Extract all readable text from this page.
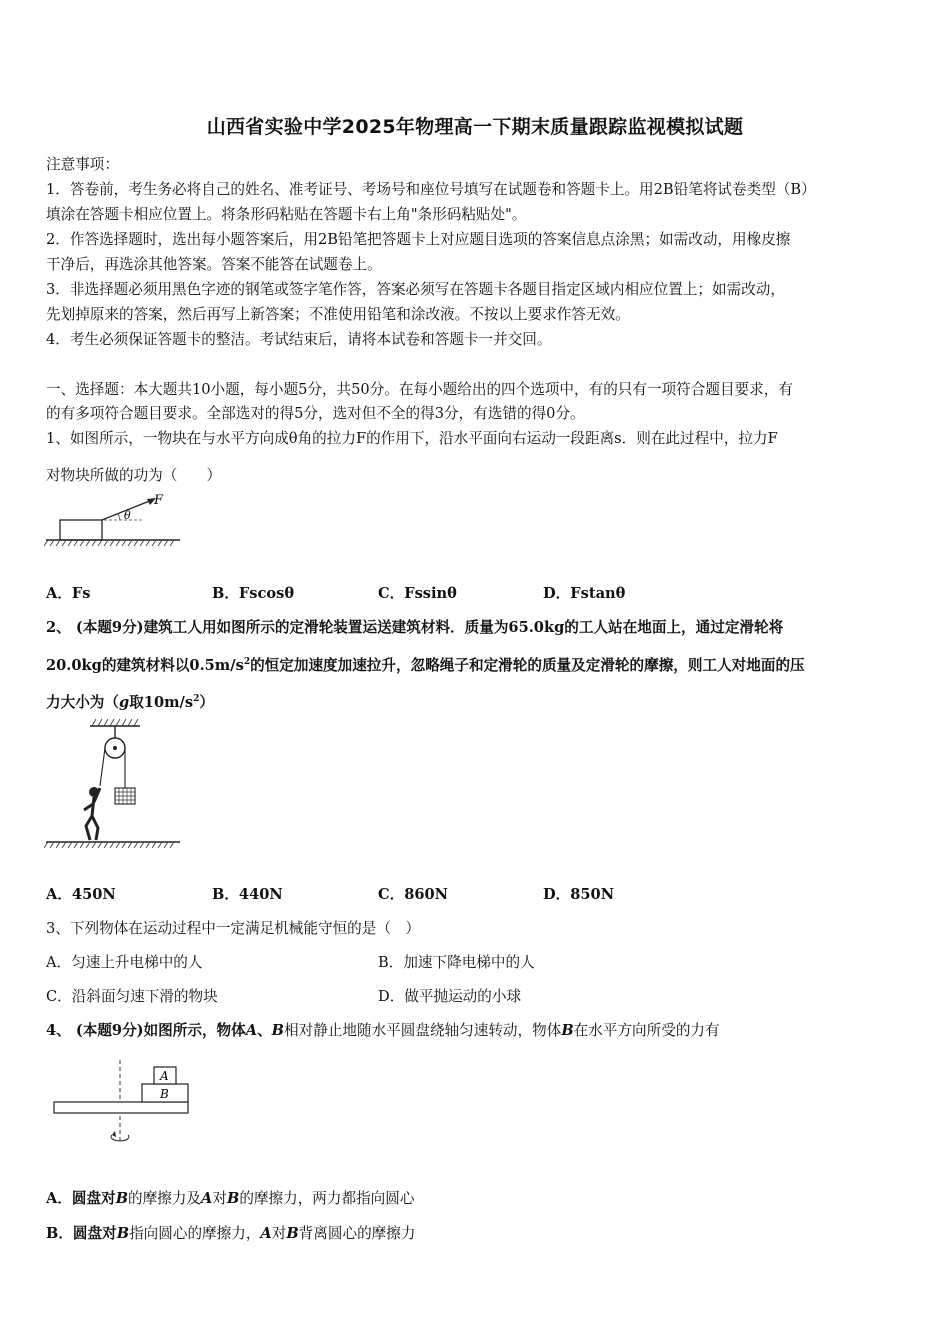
山西省实验中学2025年物理高一下期末质量跟踪监视模拟试题
注意事项：
1．答卷前，考生务必将自己的姓名、准考证号、考场号和座位号填写在试题卷和答题卡上。用2B铅笔将试卷类型（B）
填涂在答题卡相应位置上。将条形码粘贴在答题卡右上角"条形码粘贴处"。
2．作答选择题时，选出每小题答案后，用2B铅笔把答题卡上对应题目选项的答案信息点涂黑；如需改动，用橡皮擦
干净后，再选涂其他答案。答案不能答在试题卷上。
3．非选择题必须用黑色字迹的钢笔或签字笔作答，答案必须写在答题卡各题目指定区域内相应位置上；如需改动，
先划掉原来的答案，然后再写上新答案；不准使用铅笔和涂改液。不按以上要求作答无效。
4．考生必须保证答题卡的整洁。考试结束后，请将本试卷和答题卡一并交回。
一、选择题：本大题共10小题，每小题5分，共50分。在每小题给出的四个选项中，有的只有一项符合题目要求，有
的有多项符合题目要求。全部选对的得5分，选对但不全的得3分，有选错的得0分。
1、如图所示，一物块在与水平方向成θ角的拉力F的作用下，沿水平面向右运动一段距离s．则在此过程中，拉力F
对物块所做的功为（　　）
F
θ
A．Fs	B．Fscosθ	C．Fssinθ	D．Fstanθ
2、 (本题9分)建筑工人用如图所示的定滑轮装置运送建筑材料．质量为65.0kg的工人站在地面上，通过定滑轮将
20.0kg的建筑材料以$0.5m/s^2$的恒定加速度加速拉升，忽略绳子和定滑轮的质量及定滑轮的摩擦，则工人对地面的压
力大小为（g取$10m/s^2$）
A．450N	B．440N	C．860N	D．850N
3、下列物体在运动过程中一定满足机械能守恒的是（　）
A．匀速上升电梯中的人	B．加速下降电梯中的人
C．沿斜面匀速下滑的物块	D．做平抛运动的小球
4、 (本题9分)如图所示，物体A、B相对静止地随水平圆盘绕轴匀速转动，物体B在水平方向所受的力有
A
B
A．圆盘对B的摩擦力及A对B的摩擦力，两力都指向圆心
B．圆盘对B指向圆心的摩擦力，A对B背离圆心的摩擦力
